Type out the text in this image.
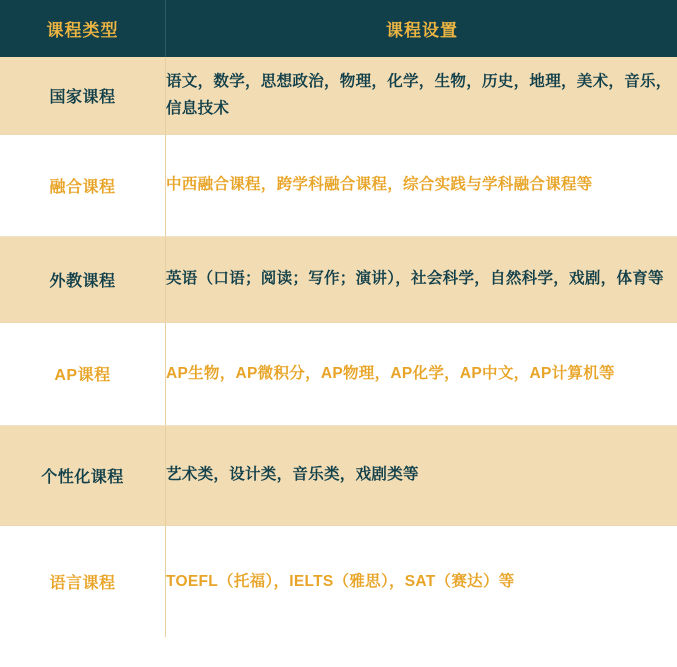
课程类型	课程设置
国家课程	语文，数学，思想政治，物理，化学，生物，历史，地理，美术，音乐，信息技术
融合课程	中西融合课程，跨学科融合课程，综合实践与学科融合课程等
外教课程	英语（口语；阅读；写作；演讲），社会科学，自然科学，戏剧，体育等
AP课程	AP生物，AP微积分，AP物理，AP化学，AP中文，AP计算机等
个性化课程	艺术类，设计类，音乐类，戏剧类等
语言课程	TOEFL（托福），IELTS（雅思），SAT（赛达）等
